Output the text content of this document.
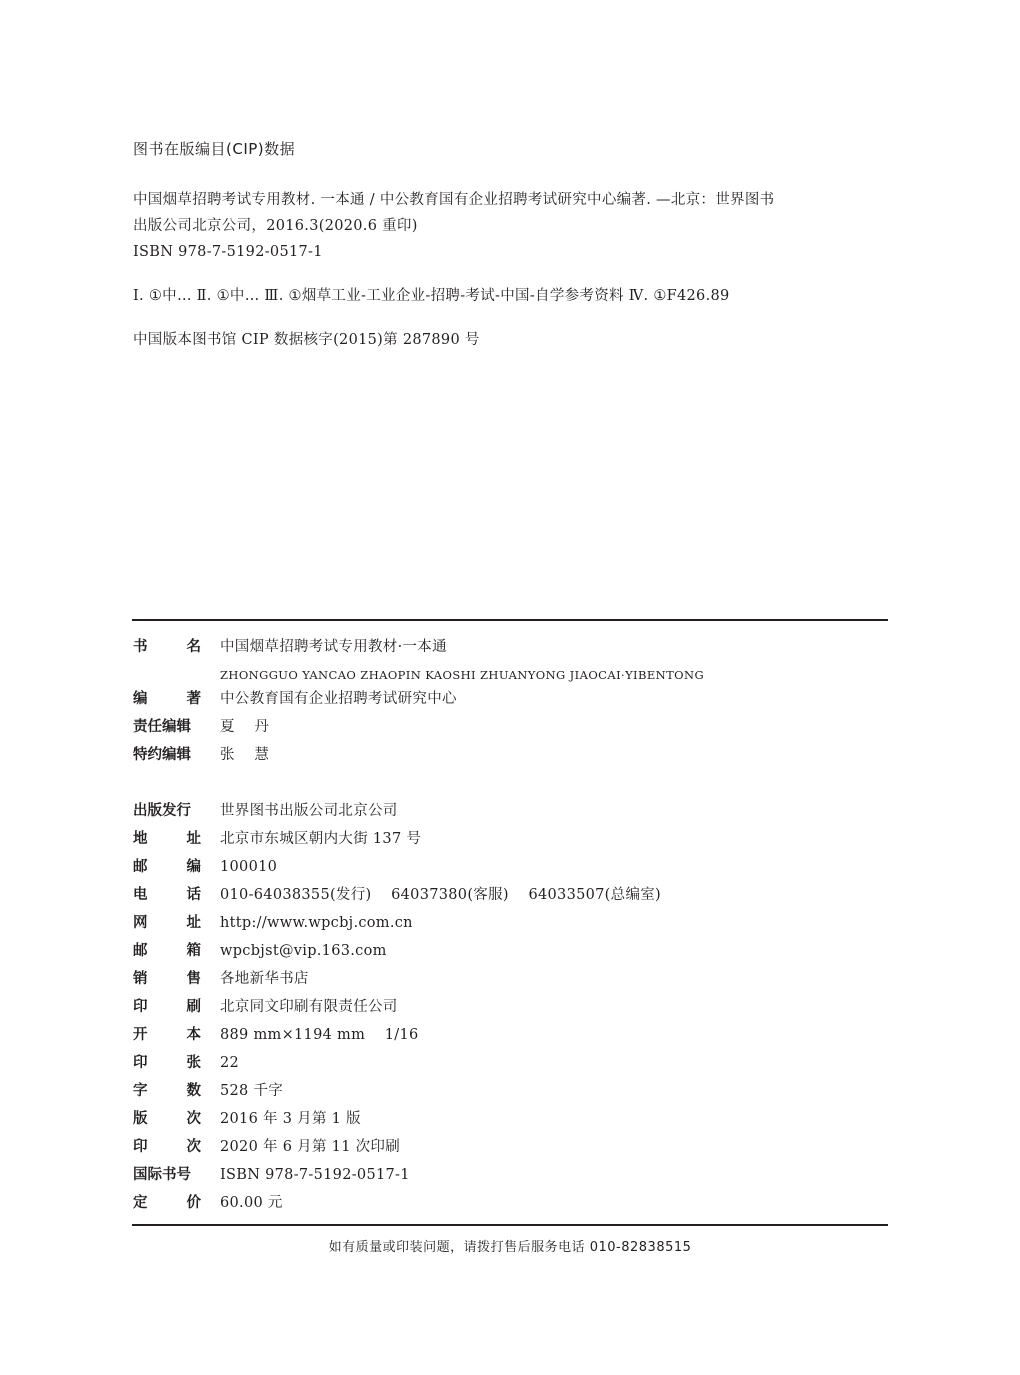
图书在版编目(CIP)数据
中国烟草招聘考试专用教材. 一本通 / 中公教育国有企业招聘考试研究中心编著. —北京：世界图书
出版公司北京公司，2016.3(2020.6 重印)
ISBN 978-7-5192-0517-1
Ⅰ. ①中… Ⅱ. ①中… Ⅲ. ①烟草工业-工业企业-招聘-考试-中国-自学参考资料 Ⅳ. ①F426.89
中国版本图书馆 CIP 数据核字(2015)第 287890 号
书	名 中国烟草招聘考试专用教材·一本通
ZHONGGUO YANCAO ZHAOPIN KAOSHI ZHUANYONG JIAOCAI·YIBENTONG
编	著 中公教育国有企业招聘考试研究中心
责任编辑 夏    丹
特约编辑 张    慧
出版发行 世界图书出版公司北京公司
地	址 北京市东城区朝内大街 137 号
邮	编 100010
电	话 010-64038355(发行)    64037380(客服)    64033507(总编室)
网	址 http://www.wpcbj.com.cn
邮	箱 wpcbjst@vip.163.com
销	售 各地新华书店
印	刷 北京同文印刷有限责任公司
开	本 889 mm×1194 mm    1/16
印	张 22
字	数 528 千字
版	次 2016 年 3 月第 1 版
印	次 2020 年 6 月第 11 次印刷
国际书号 ISBN 978-7-5192-0517-1
定	价 60.00 元
如有质量或印装问题，请拨打售后服务电话 010-82838515
